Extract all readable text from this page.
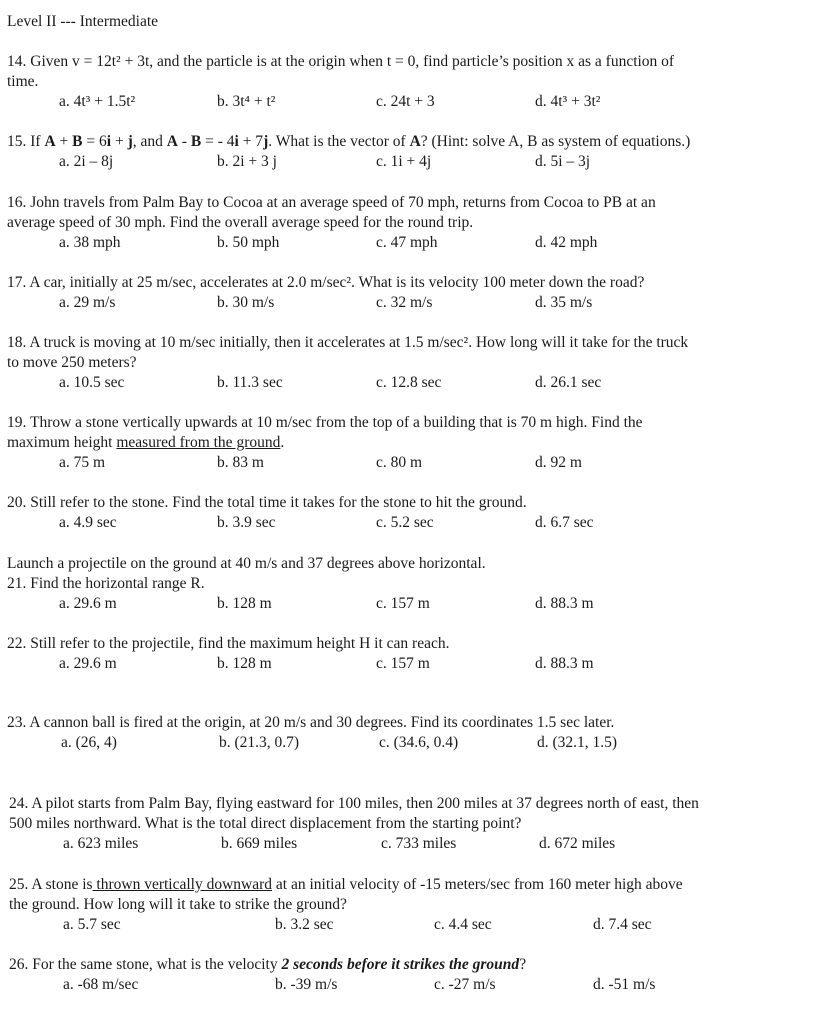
Level II --- Intermediate

14. Given v = 12t² + 3t, and the particle is at the origin when t = 0, find particle’s position x as a function of

time.

a. 4t³ + 1.5t²	b. 3t⁴ + t²	c. 24t + 3	d. 4t³ + 3t²

15. If A + B = 6i + j, and A - B = - 4i + 7j. What is the vector of A? (Hint: solve A, B as system of equations.)

a. 2i – 8j	b. 2i + 3 j	c. 1i + 4j	d. 5i – 3j

16. John travels from Palm Bay to Cocoa at an average speed of 70 mph, returns from Cocoa to PB at an

average speed of 30 mph. Find the overall average speed for the round trip.

a. 38 mph	b. 50 mph	c. 47 mph	d. 42 mph

17. A car, initially at 25 m/sec, accelerates at 2.0 m/sec². What is its velocity 100 meter down the road?

a. 29 m/s	b. 30 m/s	c. 32 m/s	d. 35 m/s

18. A truck is moving at 10 m/sec initially, then it accelerates at 1.5 m/sec². How long will it take for the truck

to move 250 meters?

a. 10.5 sec	b. 11.3 sec	c. 12.8 sec	d. 26.1 sec

19. Throw a stone vertically upwards at 10 m/sec from the top of a building that is 70 m high. Find the

maximum height measured from the ground.

a. 75 m	b. 83 m	c. 80 m	d. 92 m

20. Still refer to the stone. Find the total time it takes for the stone to hit the ground.

a. 4.9 sec	b. 3.9 sec	c. 5.2 sec	d. 6.7 sec

Launch a projectile on the ground at 40 m/s and 37 degrees above horizontal.

21. Find the horizontal range R.

a. 29.6 m	b. 128 m	c. 157 m	d. 88.3 m

22. Still refer to the projectile, find the maximum height H it can reach.

a. 29.6 m	b. 128 m	c. 157 m	d. 88.3 m

23. A cannon ball is fired at the origin, at 20 m/s and 30 degrees. Find its coordinates 1.5 sec later.

a. (26, 4)	b. (21.3, 0.7)	c. (34.6, 0.4)	d. (32.1, 1.5)

24. A pilot starts from Palm Bay, flying eastward for 100 miles, then 200 miles at 37 degrees north of east, then

500 miles northward. What is the total direct displacement from the starting point?

a. 623 miles	b. 669 miles	c. 733 miles	d. 672 miles

25. A stone is thrown vertically downward at an initial velocity of -15 meters/sec from 160 meter high above

the ground. How long will it take to strike the ground?

a. 5.7 sec	b. 3.2 sec	c. 4.4 sec	d. 7.4 sec

26. For the same stone, what is the velocity 2 seconds before it strikes the ground?

a. -68 m/sec	b. -39 m/s	c. -27 m/s	d. -51 m/s
